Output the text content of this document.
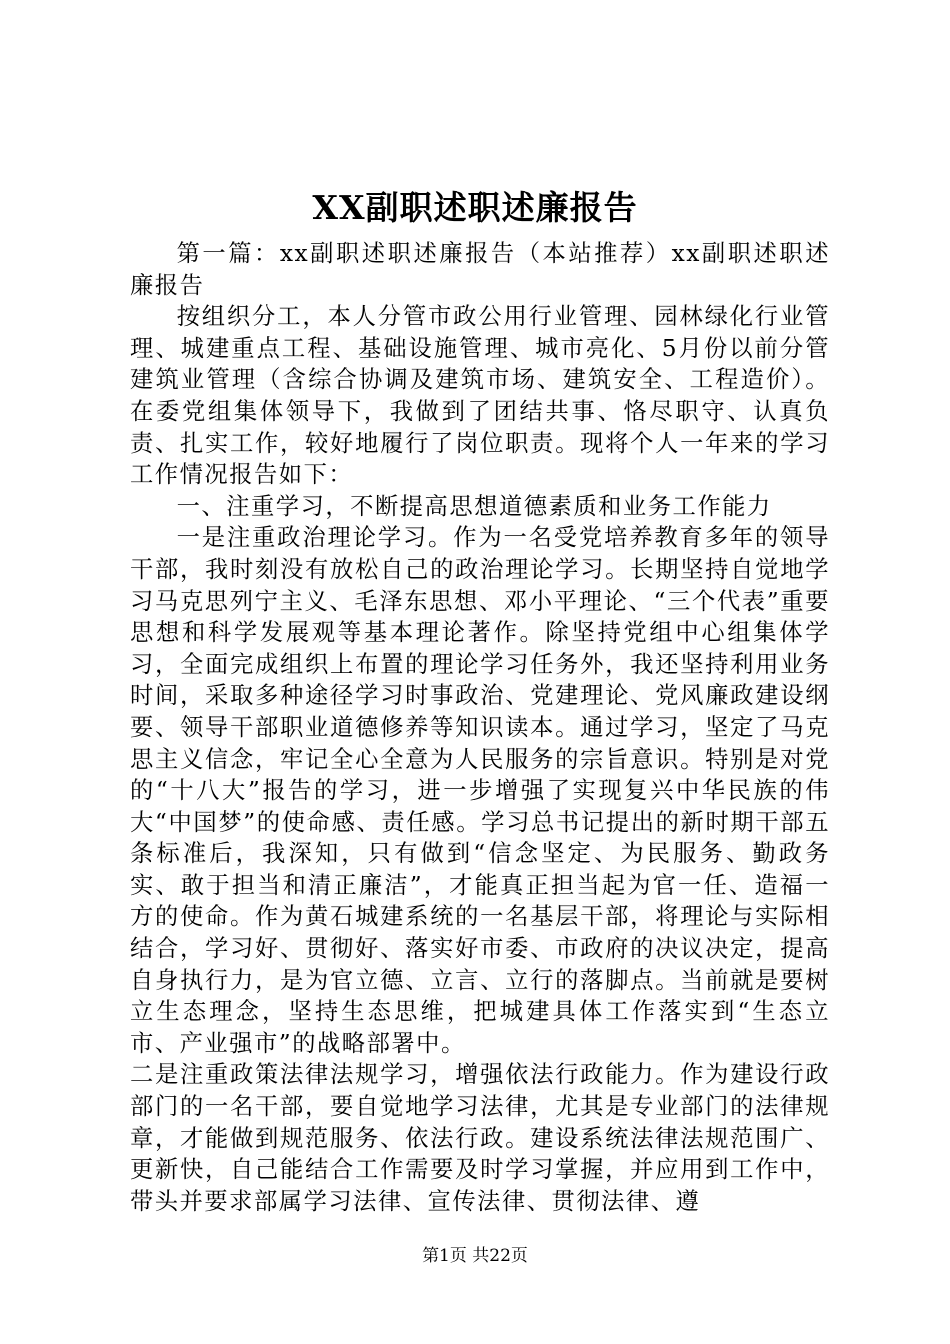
XX副职述职述廉报告

第一篇：xx副职述职述廉报告（本站推荐）xx副职述职述廉报告

按组织分工，本人分管市政公用行业管理、园林绿化行业管理、城建重点工程、基础设施管理、城市亮化、5月份以前分管建筑业管理（含综合协调及建筑市场、建筑安全、工程造价）。在委党组集体领导下，我做到了团结共事、恪尽职守、认真负责、扎实工作，较好地履行了岗位职责。现将个人一年来的学习工作情况报告如下：

一、注重学习，不断提高思想道德素质和业务工作能力

一是注重政治理论学习。作为一名受党培养教育多年的领导干部，我时刻没有放松自己的政治理论学习。长期坚持自觉地学习马克思列宁主义、毛泽东思想、邓小平理论、“三个代表”重要思想和科学发展观等基本理论著作。除坚持党组中心组集体学习，全面完成组织上布置的理论学习任务外，我还坚持利用业务时间，采取多种途径学习时事政治、党建理论、党风廉政建设纲要、领导干部职业道德修养等知识读本。通过学习，坚定了马克思主义信念，牢记全心全意为人民服务的宗旨意识。特别是对党的“十八大”报告的学习，进一步增强了实现复兴中华民族的伟大“中国梦”的使命感、责任感。学习总书记提出的新时期干部五条标准后，我深知，只有做到“信念坚定、为民服务、勤政务实、敢于担当和清正廉洁”，才能真正担当起为官一任、造福一方的使命。作为黄石城建系统的一名基层干部，将理论与实际相结合，学习好、贯彻好、落实好市委、市政府的决议决定，提高自身执行力，是为官立德、立言、立行的落脚点。当前就是要树立生态理念，坚持生态思维，把城建具体工作落实到“生态立市、产业强市”的战略部署中。

二是注重政策法律法规学习，增强依法行政能力。作为建设行政部门的一名干部，要自觉地学习法律，尤其是专业部门的法律规章，才能做到规范服务、依法行政。建设系统法律法规范围广、更新快，自己能结合工作需要及时学习掌握，并应用到工作中，带头并要求部属学习法律、宣传法律、贯彻法律、遵

第1页 共22页
